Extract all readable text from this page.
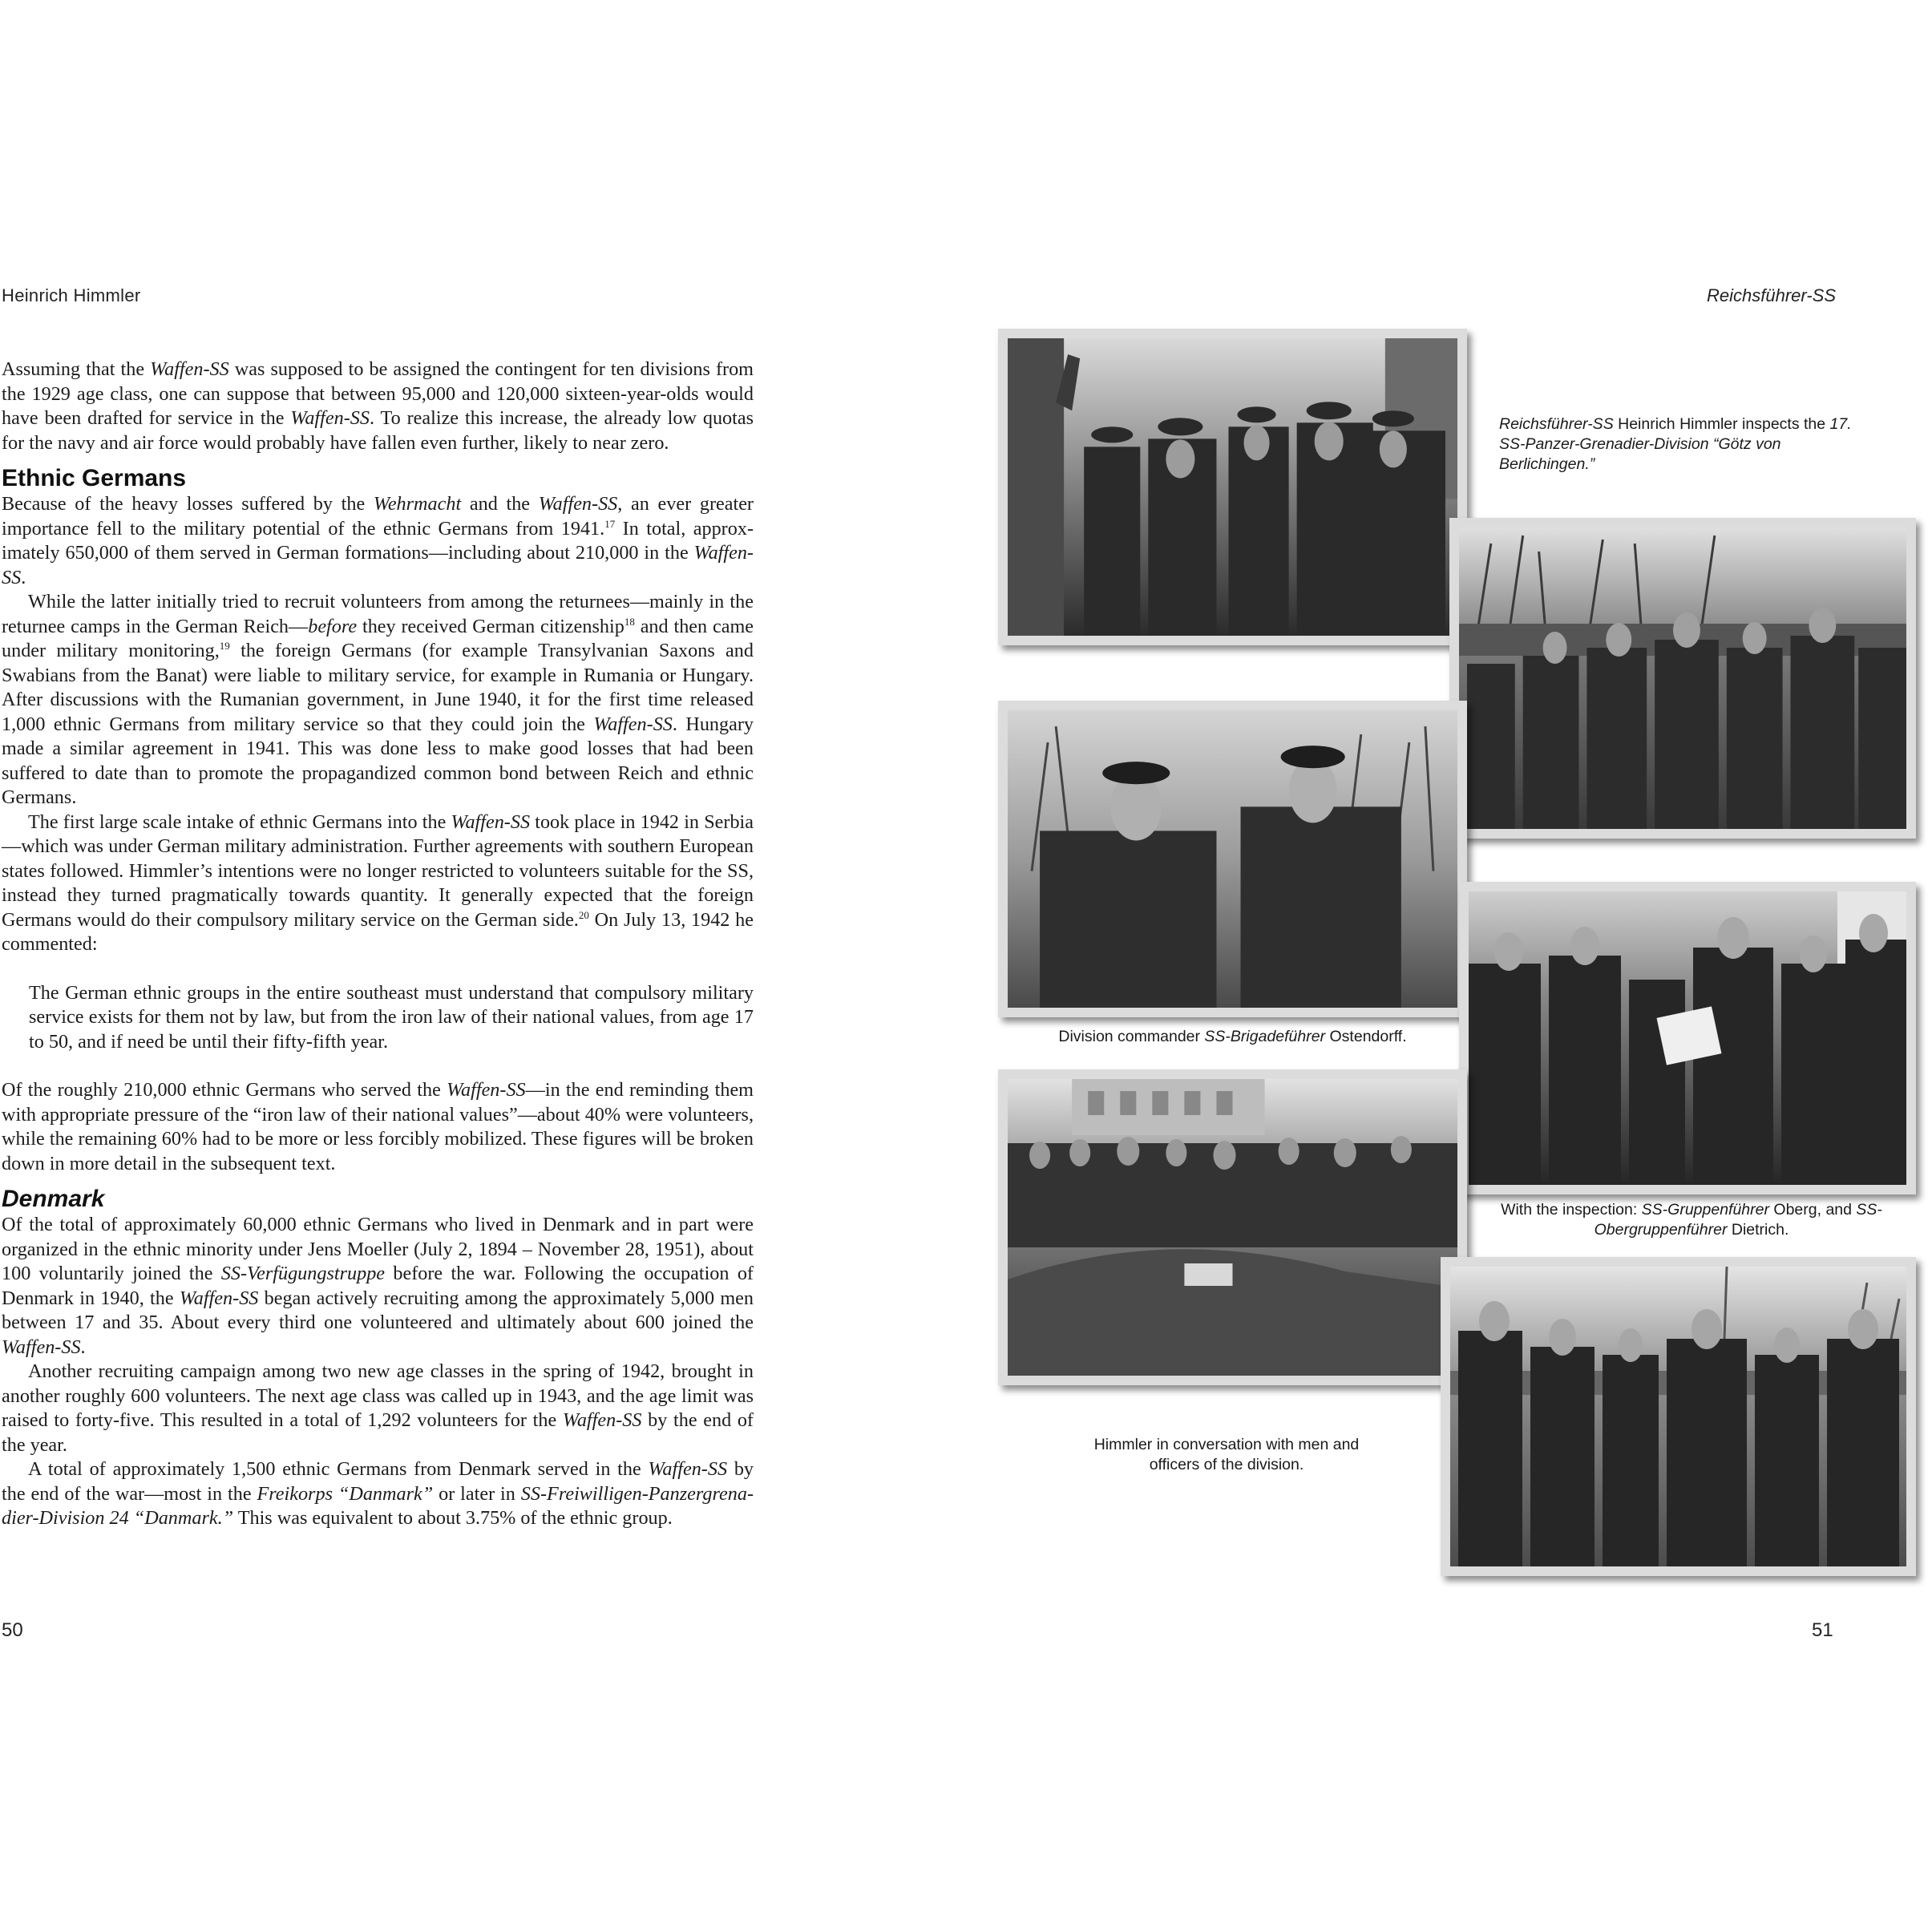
Heinrich Himmler	Reichsführer-SS

Assuming that the Waffen-SS was supposed to be assigned the contingent for ten divisions from the 1929 age class, one can suppose that between 95,000 and 120,000 sixteen-year-olds would have been drafted for service in the Waffen-SS. To realize this increase, the already low quotas for the navy and air force would probably have fallen even further, likely to near zero.

Ethnic Germans

Because of the heavy losses suffered by the Wehrmacht and the Waffen-SS, an ever greater importance fell to the military potential of the ethnic Germans from 1941.17 In total, approximately 650,000 of them served in German formations—including about 210,000 in the Waffen-SS.

While the latter initially tried to recruit volunteers from among the returnees—mainly in the returnee camps in the German Reich—before they received German citizenship$^{18}$ and then came under military monitoring,$^{19}$ the foreign Germans (for example Transylvanian Saxons and Swabians from the Banat) were liable to military service, for example in Rumania or Hungary. After discussions with the Rumanian government, in June 1940, it for the first time released 1,000 ethnic Germans from military service so that they could join the Waffen-SS. Hungary made a similar agreement in 1941. This was done less to make good losses that had been suffered to date than to promote the propagandized common bond between Reich and ethnic Germans.

The first large scale intake of ethnic Germans into the Waffen-SS took place in 1942 in Serbia—which was under German military administration. Further agreements with southern European states followed. Himmler’s intentions were no longer restricted to volunteers suitable for the SS, instead they turned pragmatically towards quantity. It generally expected that the foreign Germans would do their compulsory military service on the German side.$^{20}$ On July 13, 1942 he commented:

The German ethnic groups in the entire southeast must understand that compulsory military service exists for them not by law, but from the iron law of their national values, from age 17 to 50, and if need be until their fifty-fifth year.

Of the roughly 210,000 ethnic Germans who served the Waffen-SS—in the end reminding them with appropriate pressure of the “iron law of their national values”—about 40% were volunteers, while the remaining 60% had to be more or less forcibly mobilized. These figures will be broken down in more detail in the subsequent text.

Denmark

Of the total of approximately 60,000 ethnic Germans who lived in Denmark and in part were organized in the ethnic minority under Jens Moeller (July 2, 1894 – November 28, 1951), about 100 voluntarily joined the SS-Verfügungstruppe before the war. Following the occupation of Denmark in 1940, the Waffen-SS began actively recruiting among the approximately 5,000 men between 17 and 35. About every third one volunteered and ultimately about 600 joined the Waffen-SS.

Another recruiting campaign among two new age classes in the spring of 1942, brought in another roughly 600 volunteers. The next age class was called up in 1943, and the age limit was raised to forty-five. This resulted in a total of 1,292 volunteers for the Waffen-SS by the end of the year.

A total of approximately 1,500 ethnic Germans from Denmark served in the Waffen-SS by the end of the war—most in the Freikorps “Danmark” or later in SS-Freiwilligen-Panzergrenadier-Division 24 “Danmark.” This was equivalent to about 3.75% of the ethnic group.

Division commander SS-Brigadeführer Ostendorff.
Reichsführer-SS Heinrich Himmler inspects the 17. SS-Panzer-Grenadier-Division “Götz von Berlichingen.”
With the inspection: SS-Gruppenführer Oberg, and SS-Obergruppenführer Dietrich.
Himmler in conversation with men and officers of the division.
50	51
